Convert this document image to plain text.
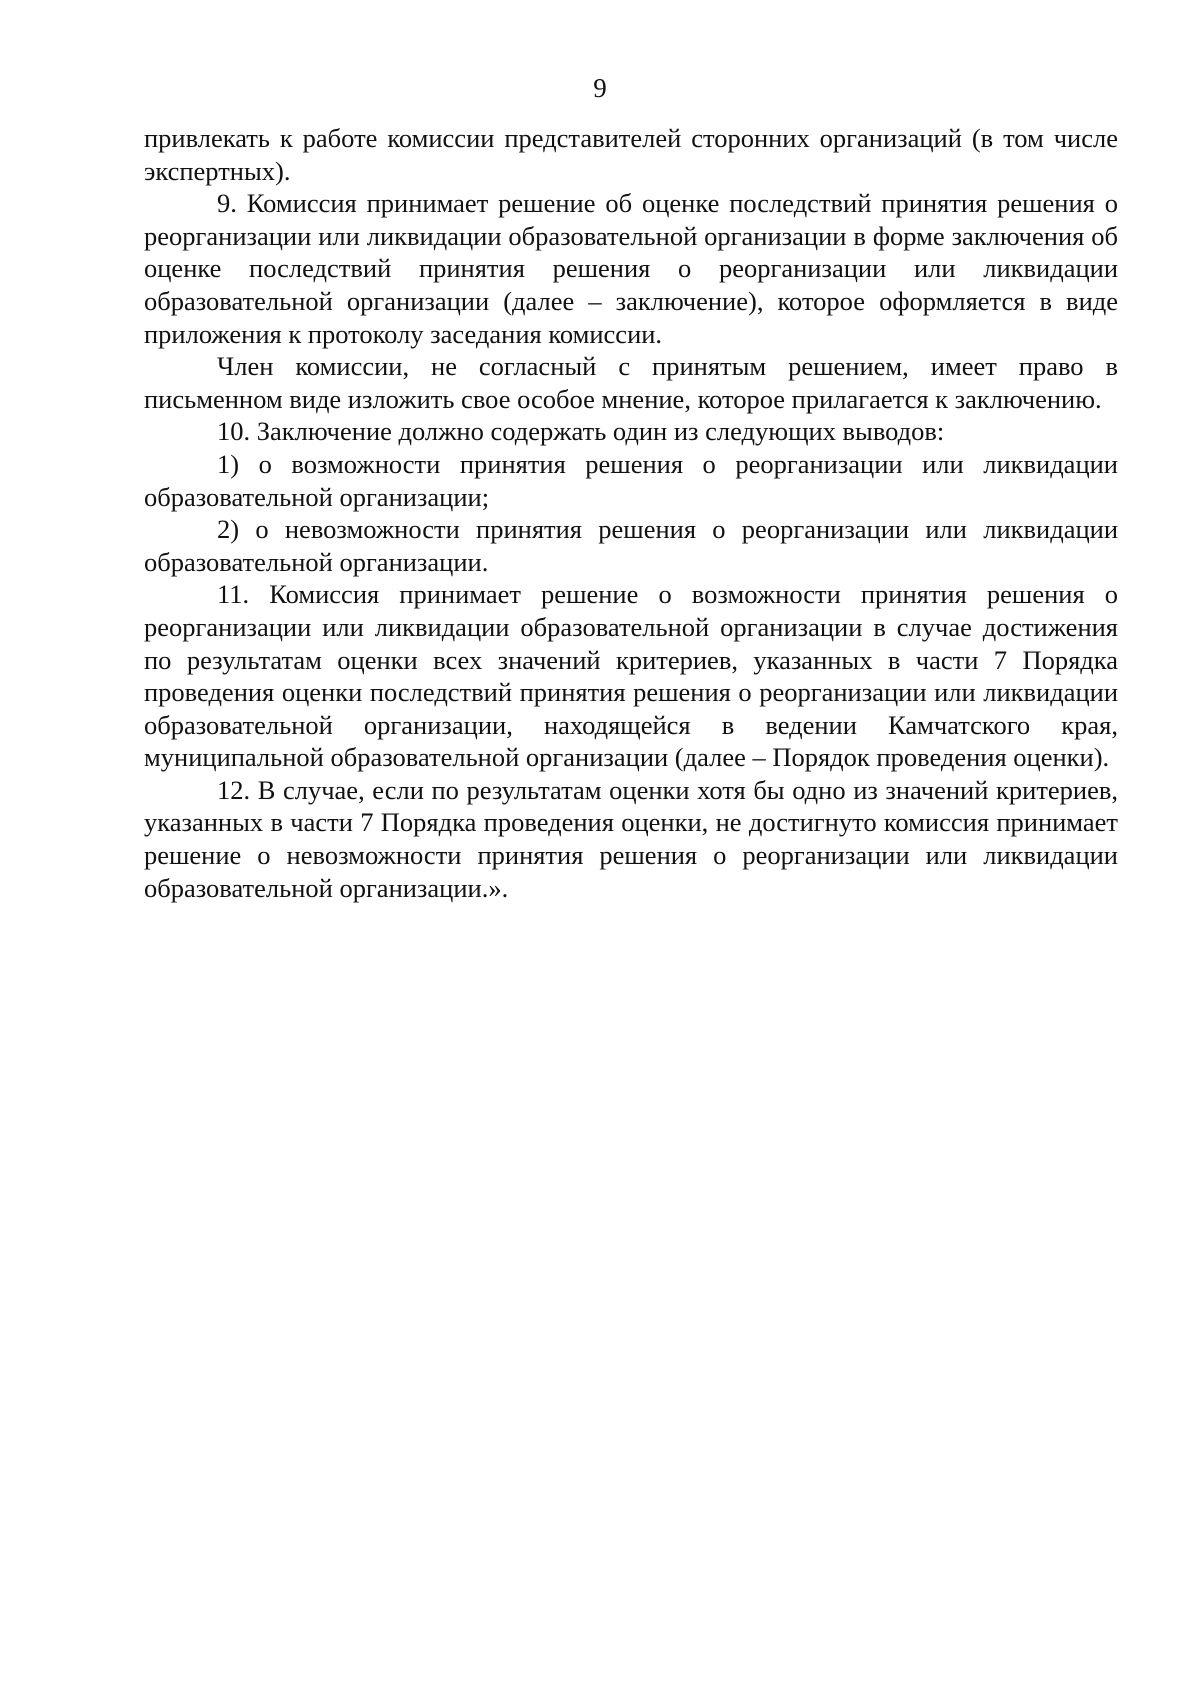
9

привлекать к работе комиссии представителей сторонних организаций (в том числе экспертных).

9. Комиссия принимает решение об оценке последствий принятия решения о реорганизации или ликвидации образовательной организации в форме заключения об оценке последствий принятия решения о реорганизации или ликвидации образовательной организации (далее – заключение), которое оформляется в виде приложения к протоколу заседания комиссии.

Член комиссии, не согласный с принятым решением, имеет право в письменном виде изложить свое особое мнение, которое прилагается к заключению.

10. Заключение должно содержать один из следующих выводов:

1) о возможности принятия решения о реорганизации или ликвидации образовательной организации;

2) о невозможности принятия решения о реорганизации или ликвидации образовательной организации.

11. Комиссия принимает решение о возможности принятия решения о реорганизации или ликвидации образовательной организации в случае достижения по результатам оценки всех значений критериев, указанных в части 7 Порядка проведения оценки последствий принятия решения о реорганизации или ликвидации образовательной организации, находящейся в ведении Камчатского края, муниципальной образовательной организации (далее – Порядок проведения оценки).

12. В случае, если по результатам оценки хотя бы одно из значений критериев, указанных в части 7 Порядка проведения оценки, не достигнуто комиссия принимает решение о невозможности принятия решения о реорганизации или ликвидации образовательной организации.».
